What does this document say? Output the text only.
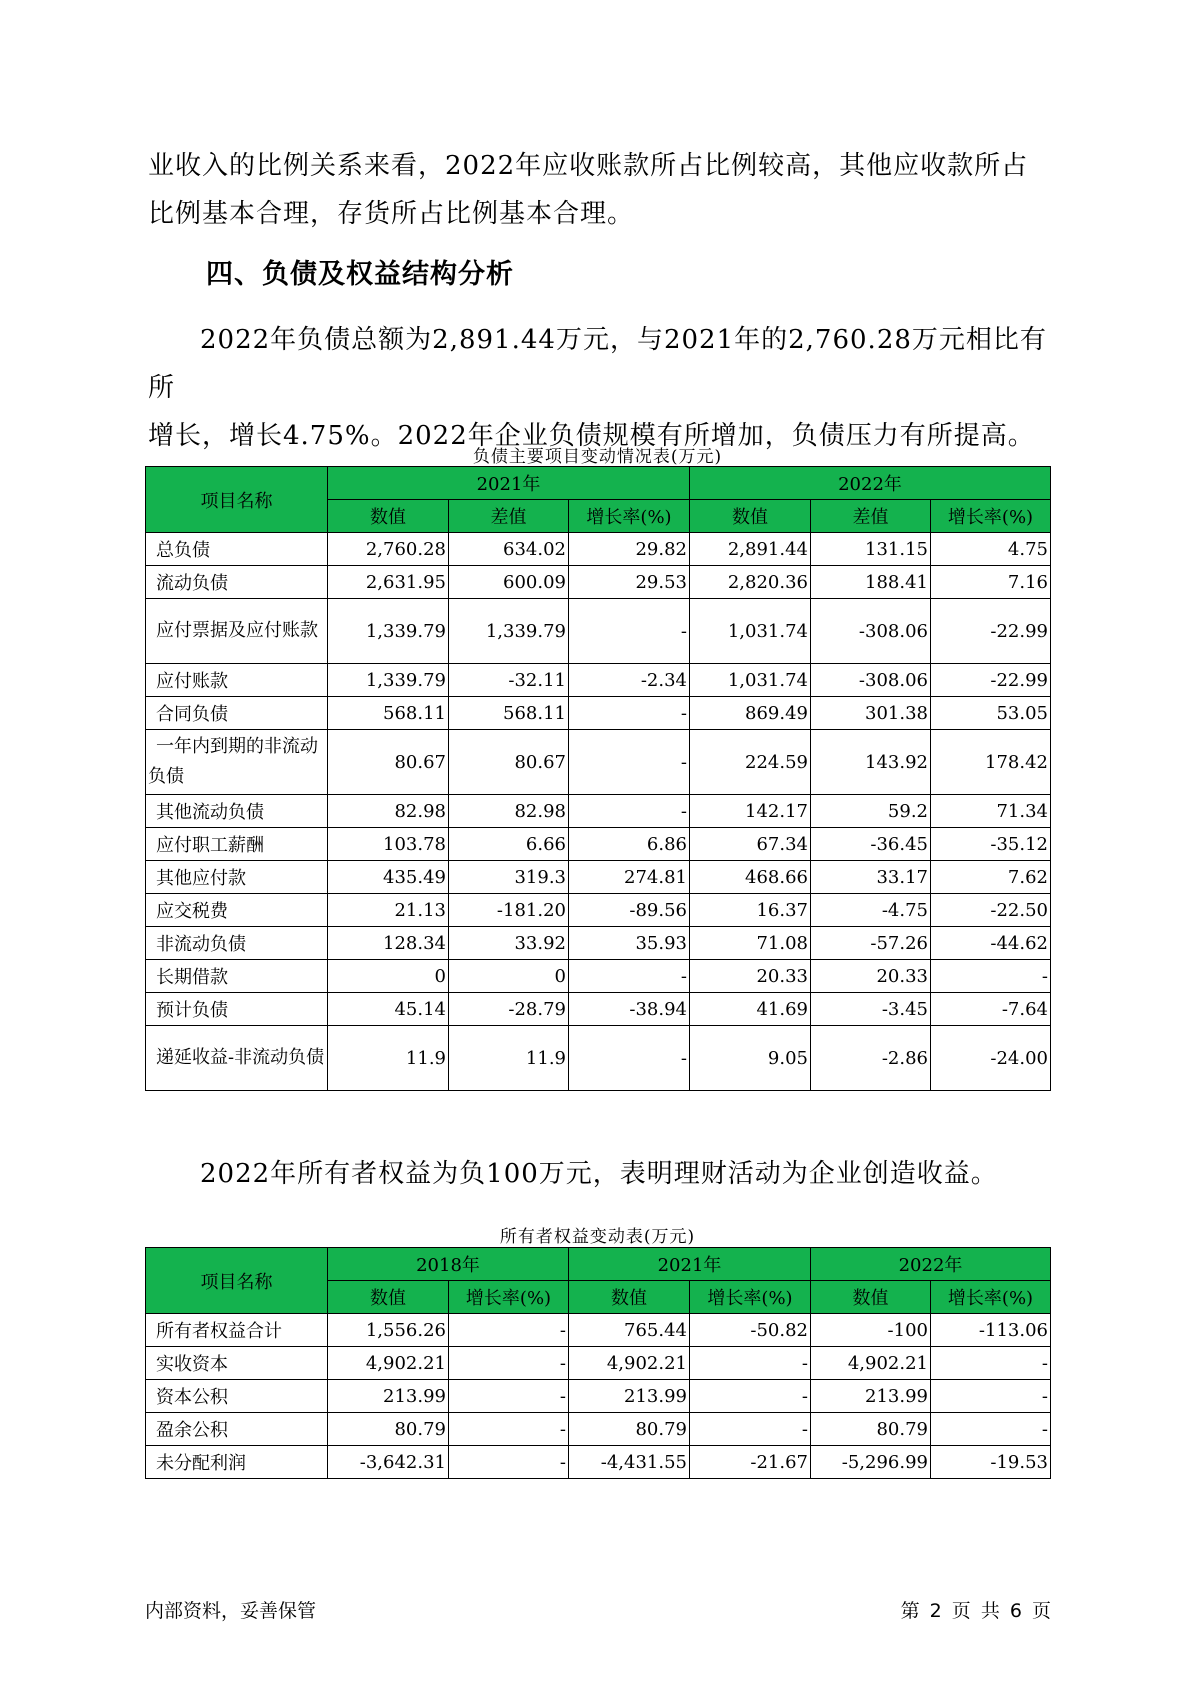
业收入的比例关系来看，2022年应收账款所占比例较高，其他应收款所占
比例基本合理，存货所占比例基本合理。

四、负债及权益结构分析

2022年负债总额为2,891.44万元，与2021年的2,760.28万元相比有所
增长，增长4.75%。2022年企业负债规模有所增加，负债压力有所提高。

负债主要项目变动情况表(万元)
项目名称	2021年			2022年		
	数值	差值	增长率(%)	数值	差值	增长率(%)
总负债	2,760.28	634.02	29.82	2,891.44	131.15	4.75
流动负债	2,631.95	600.09	29.53	2,820.36	188.41	7.16
应付票据及应付账款	1,339.79	1,339.79	-	1,031.74	-308.06	-22.99
应付账款	1,339.79	-32.11	-2.34	1,031.74	-308.06	-22.99
合同负债	568.11	568.11	-	869.49	301.38	53.05
一年内到期的非流动负债	80.67	80.67	-	224.59	143.92	178.42
其他流动负债	82.98	82.98	-	142.17	59.2	71.34
应付职工薪酬	103.78	6.66	6.86	67.34	-36.45	-35.12
其他应付款	435.49	319.3	274.81	468.66	33.17	7.62
应交税费	21.13	-181.20	-89.56	16.37	-4.75	-22.50
非流动负债	128.34	33.92	35.93	71.08	-57.26	-44.62
长期借款	0	0	-	20.33	20.33	-
预计负债	45.14	-28.79	-38.94	41.69	-3.45	-7.64
递延收益-非流动负债	11.9	11.9	-	9.05	-2.86	-24.00

2022年所有者权益为负100万元，表明理财活动为企业创造收益。

所有者权益变动表(万元)
项目名称	2018年		2021年		2022年	
	数值	增长率(%)	数值	增长率(%)	数值	增长率(%)
所有者权益合计	1,556.26	-	765.44	-50.82	-100	-113.06
实收资本	4,902.21	-	4,902.21	-	4,902.21	-
资本公积	213.99	-	213.99	-	213.99	-
盈余公积	80.79	-	80.79	-	80.79	-
未分配利润	-3,642.31	-	-4,431.55	-21.67	-5,296.99	-19.53
内部资料，妥善保管	第 2 页 共 6 页
